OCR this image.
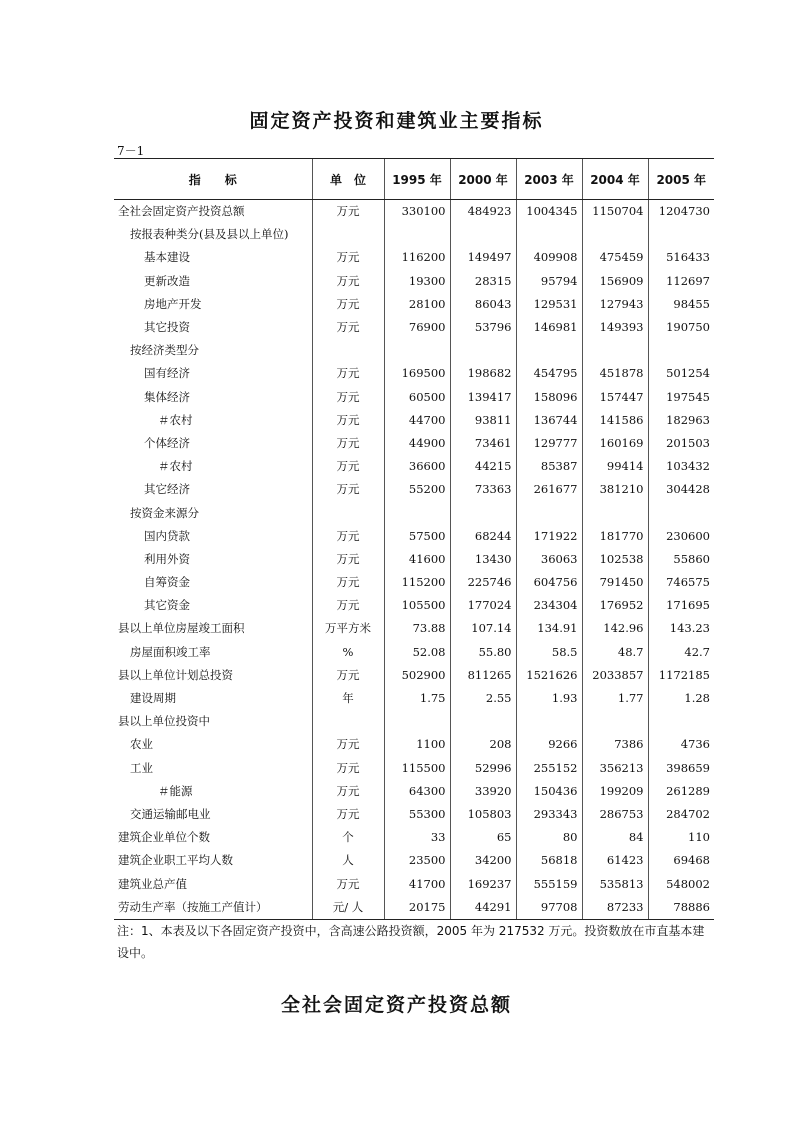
固定资产投资和建筑业主要指标
7－1
指　　标	单　位	1995 年	2000 年	2003 年	2004 年	2005 年
全社会固定资产投资总额	万元	330100	484923	1004345	1150704	1204730
按报表种类分(县及县以上单位)						
基本建设	万元	116200	149497	409908	475459	516433
更新改造	万元	19300	28315	95794	156909	112697
房地产开发	万元	28100	86043	129531	127943	98455
其它投资	万元	76900	53796	146981	149393	190750
按经济类型分						
国有经济	万元	169500	198682	454795	451878	501254
集体经济	万元	60500	139417	158096	157447	197545
＃农村	万元	44700	93811	136744	141586	182963
个体经济	万元	44900	73461	129777	160169	201503
＃农村	万元	36600	44215	85387	99414	103432
其它经济	万元	55200	73363	261677	381210	304428
按资金来源分						
国内贷款	万元	57500	68244	171922	181770	230600
利用外资	万元	41600	13430	36063	102538	55860
自筹资金	万元	115200	225746	604756	791450	746575
其它资金	万元	105500	177024	234304	176952	171695
县以上单位房屋竣工面积	万平方米	73.88	107.14	134.91	142.96	143.23
房屋面积竣工率	%	52.08	55.80	58.5	48.7	42.7
县以上单位计划总投资	万元	502900	811265	1521626	2033857	1172185
建设周期	年	1.75	2.55	1.93	1.77	1.28
县以上单位投资中						
农业	万元	1100	208	9266	7386	4736
工业	万元	115500	52996	255152	356213	398659
＃能源	万元	64300	33920	150436	199209	261289
交通运输邮电业	万元	55300	105803	293343	286753	284702
建筑企业单位个数	个	33	65	80	84	110
建筑企业职工平均人数	人	23500	34200	56818	61423	69468
建筑业总产值	万元	41700	169237	555159	535813	548002
劳动生产率（按施工产值计）	元/ 人	20175	44291	97708	87233	78886
注：1、本表及以下各固定资产投资中，含高速公路投资额，2005 年为 217532 万元。投资数放在市直基本建设中。
全社会固定资产投资总额
